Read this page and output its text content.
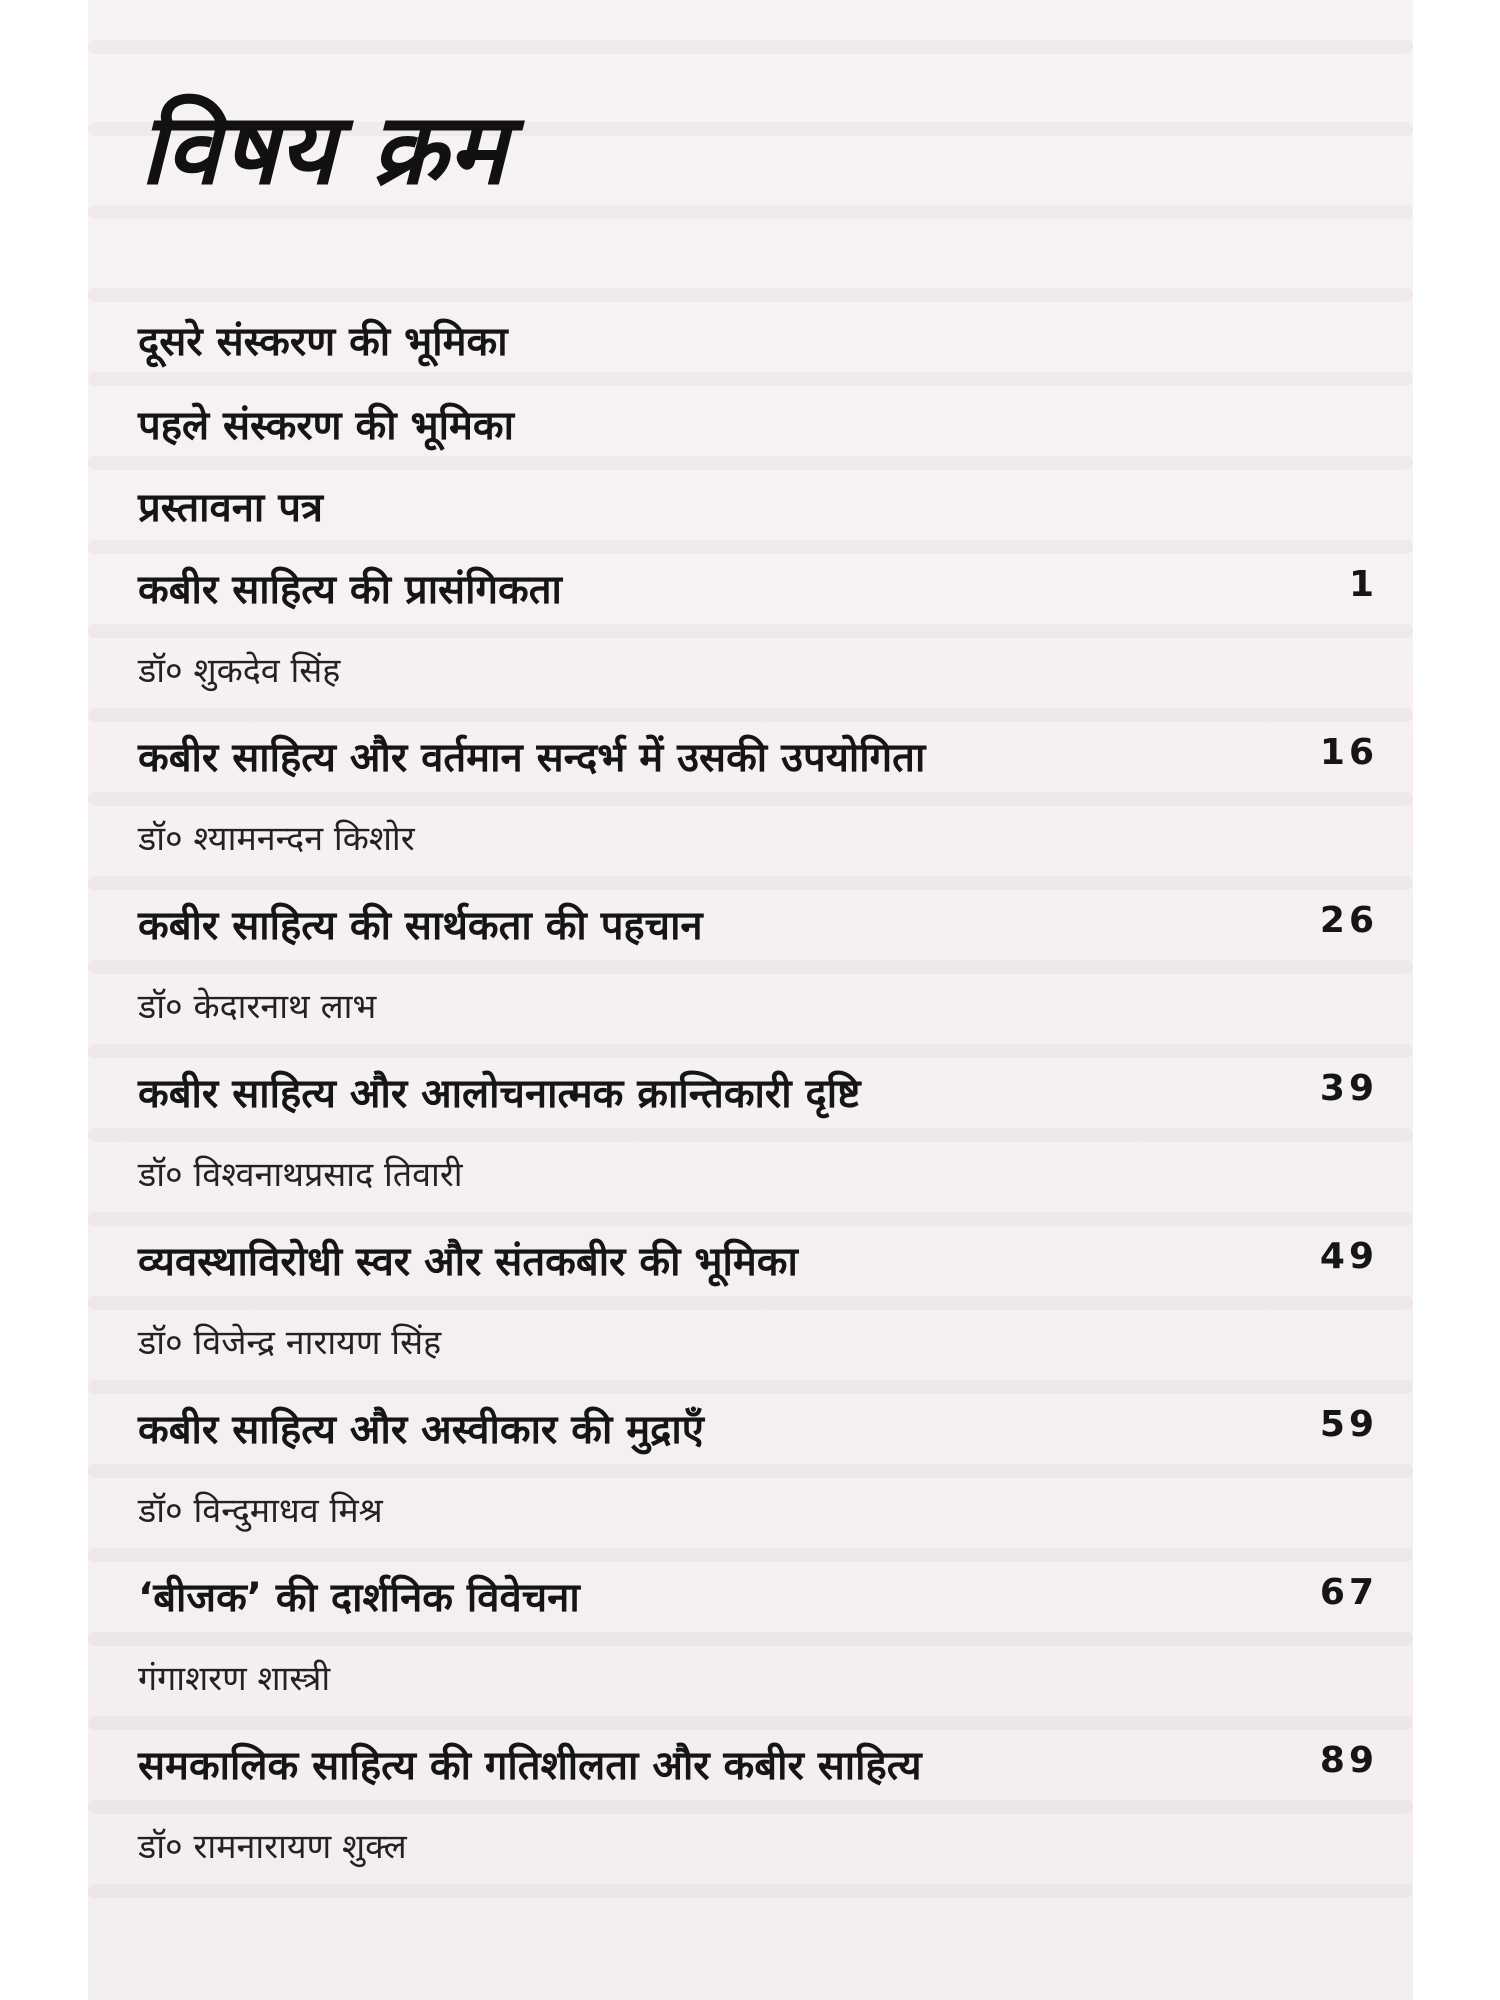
विषय क्रम
दूसरे संस्करण की भूमिका
पहले संस्करण की भूमिका
प्रस्तावना पत्र
कबीर साहित्य की प्रासंगिकता	1
डॉ० शुकदेव सिंह
कबीर साहित्य और वर्तमान सन्दर्भ में उसकी उपयोगिता	16
डॉ० श्यामनन्दन किशोर
कबीर साहित्य की सार्थकता की पहचान	26
डॉ० केदारनाथ लाभ
कबीर साहित्य और आलोचनात्मक क्रान्तिकारी दृष्टि	39
डॉ० विश्वनाथप्रसाद तिवारी
व्यवस्थाविरोधी स्वर और संतकबीर की भूमिका	49
डॉ० विजेन्द्र नारायण सिंह
कबीर साहित्य और अस्वीकार की मुद्राएँ	59
डॉ० विन्दुमाधव मिश्र
‘बीजक’ की दार्शनिक विवेचना	67
गंगाशरण शास्त्री
समकालिक साहित्य की गतिशीलता और कबीर साहित्य	89
डॉ० रामनारायण शुक्ल
